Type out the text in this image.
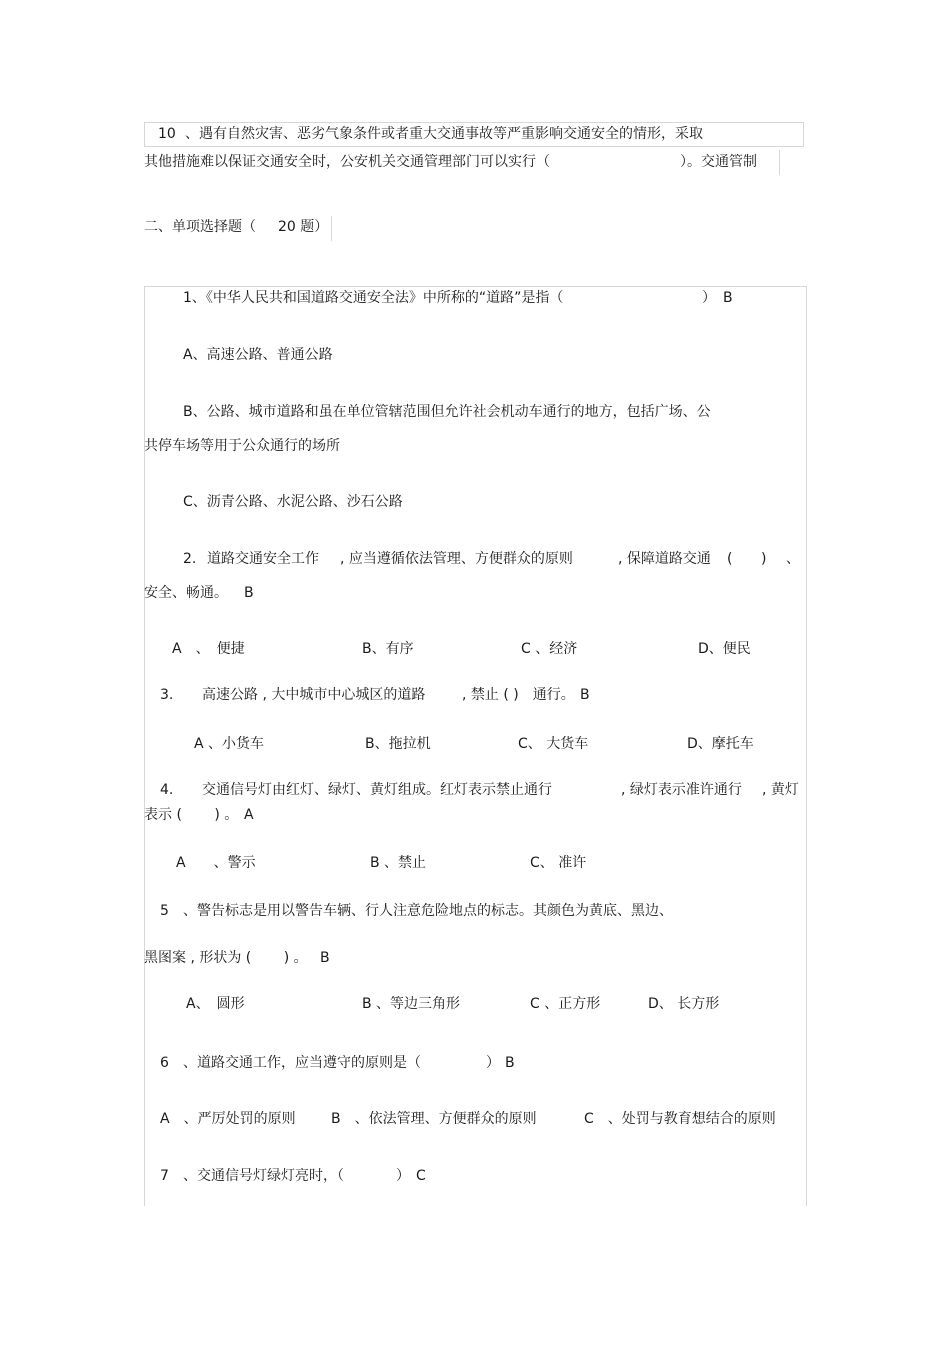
10 、遇有自然灾害、恶劣气象条件或者重大交通事故等严重影响交通安全的情形，采取
其他措施难以保证交通安全时，公安机关交通管理部门可以实行（	）。交通管制
二、单项选择题（ 20 题）
1、《中华人民共和国道路交通安全法》中所称的“道路”是指（	） B
A、高速公路、普通公路
B、公路、城市道路和虽在单位管辖范围但允许社会机动车通行的地方，包括广场、公
共停车场等用于公众通行的场所
C、沥青公路、水泥公路、沙石公路
2. 道路交通安全工作 , 应当遵循依法管理、方便群众的原则	, 保障道路交通 ( ) 、
安全、畅通。 B
A　、　便捷	B、有序	C 、经济	D、便民
3. 高速公路 , 大中城市中心城区的道路	, 禁止 ( )　通行。 B
A 、小货车	B、拖拉机	C、 大货车	D、摩托车
4. 交通信号灯由红灯、绿灯、黄灯组成。红灯表示禁止通行	, 绿灯表示准许通行 , 黄灯
表示 (　　 ) 。 A
A　　、警示	B 、禁止	C、 准许
5 、警告标志是用以警告车辆、行人注意危险地点的标志。其颜色为黄底、黑边、
黑图案 , 形状为 (　　 ) 。 B
A、　圆形	B 、等边三角形	C 、正方形	D、 长方形
6 、道路交通工作，应当遵守的原则是（	） B
A　、严厉处罚的原则	B　、依法管理、方便群众的原则	C　、处罚与教育想结合的原则
7 、交通信号灯绿灯亮时，（	） C
